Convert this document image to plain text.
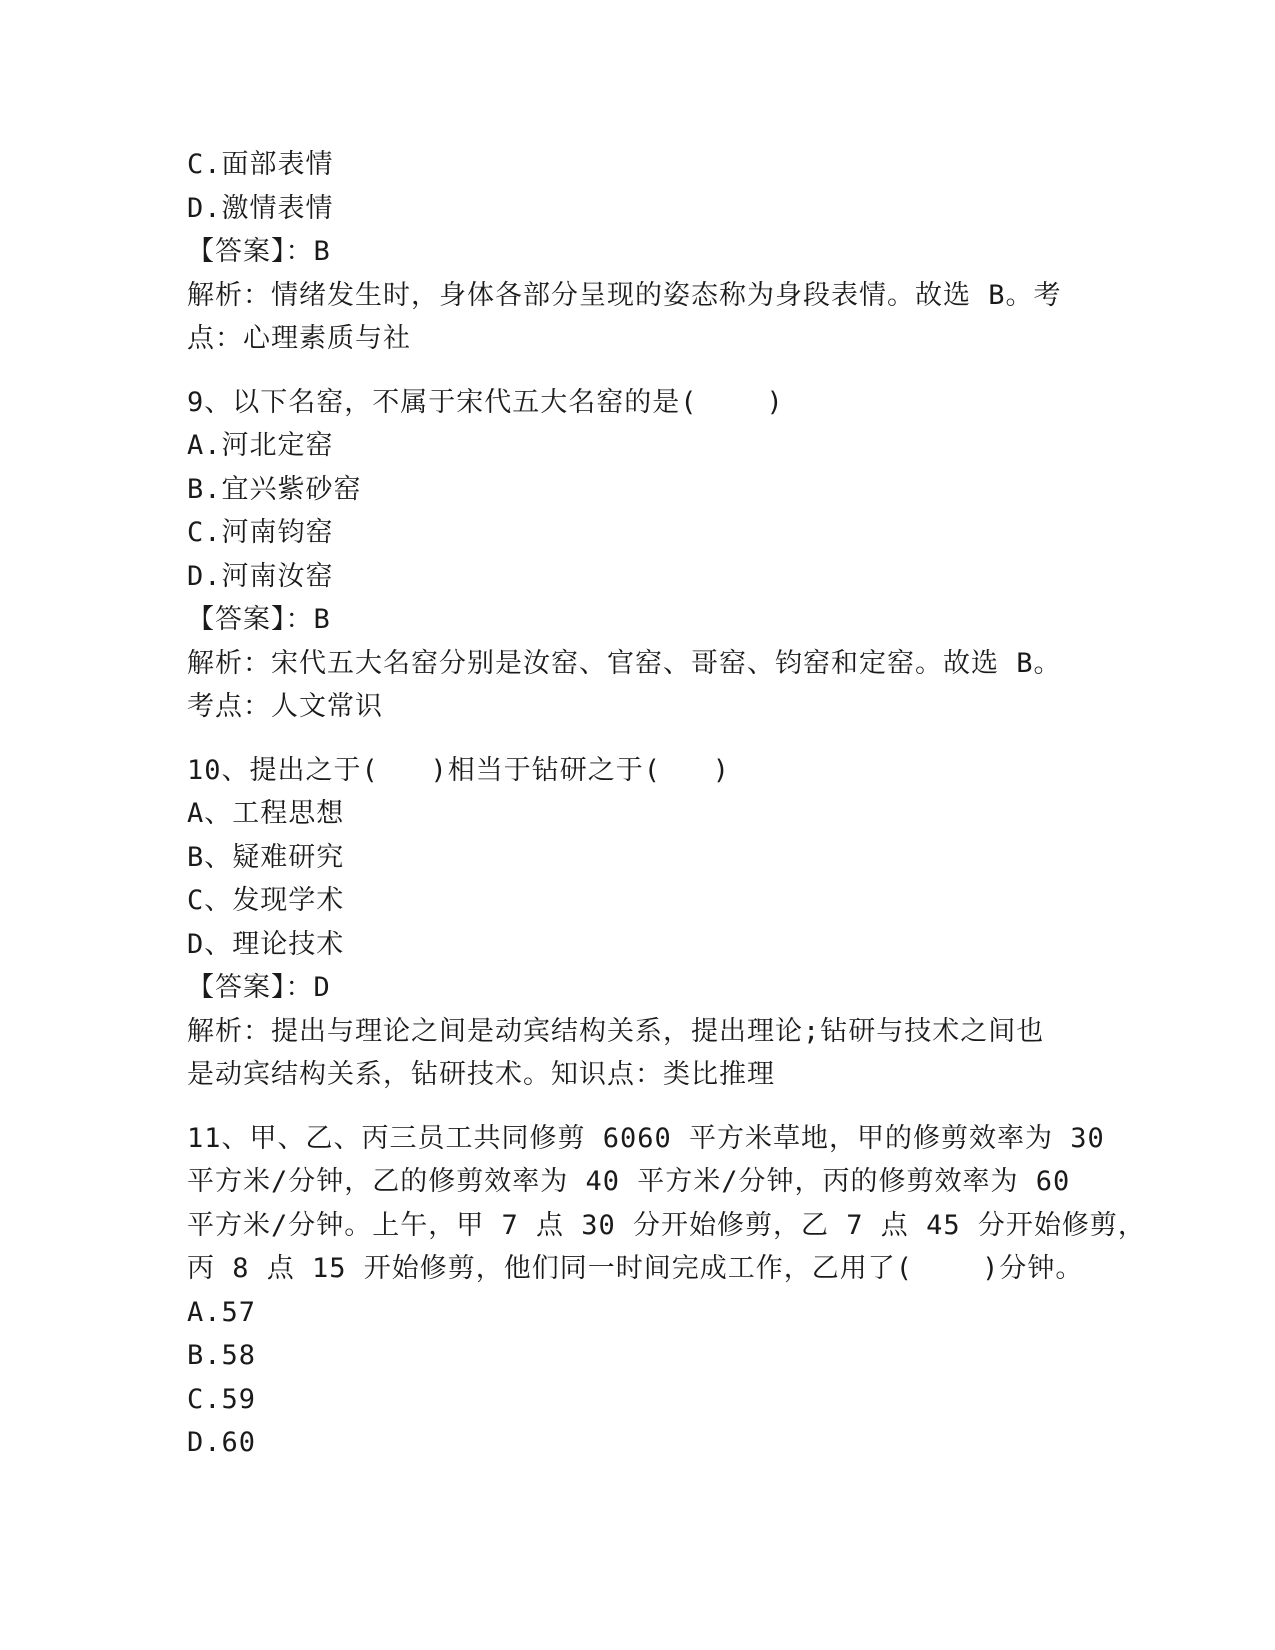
C.面部表情
D.激情表情
【答案】：B
解析：情绪发生时，身体各部分呈现的姿态称为身段表情。故选 B。考
点：心理素质与社
9、以下名窑，不属于宋代五大名窑的是(    )
A.河北定窑
B.宜兴紫砂窑
C.河南钧窑
D.河南汝窑
【答案】：B
解析：宋代五大名窑分别是汝窑、官窑、哥窑、钧窑和定窑。故选 B。
考点：人文常识
10、提出之于(   )相当于钻研之于(   )
A、工程思想
B、疑难研究
C、发现学术
D、理论技术
【答案】：D
解析：提出与理论之间是动宾结构关系，提出理论;钻研与技术之间也
是动宾结构关系，钻研技术。知识点：类比推理
11、甲、乙、丙三员工共同修剪 6060 平方米草地，甲的修剪效率为 30
平方米/分钟，乙的修剪效率为 40 平方米/分钟，丙的修剪效率为 60
平方米/分钟。上午，甲 7 点 30 分开始修剪，乙 7 点 45 分开始修剪，
丙 8 点 15 开始修剪，他们同一时间完成工作，乙用了(    )分钟。
A.57
B.58
C.59
D.60
